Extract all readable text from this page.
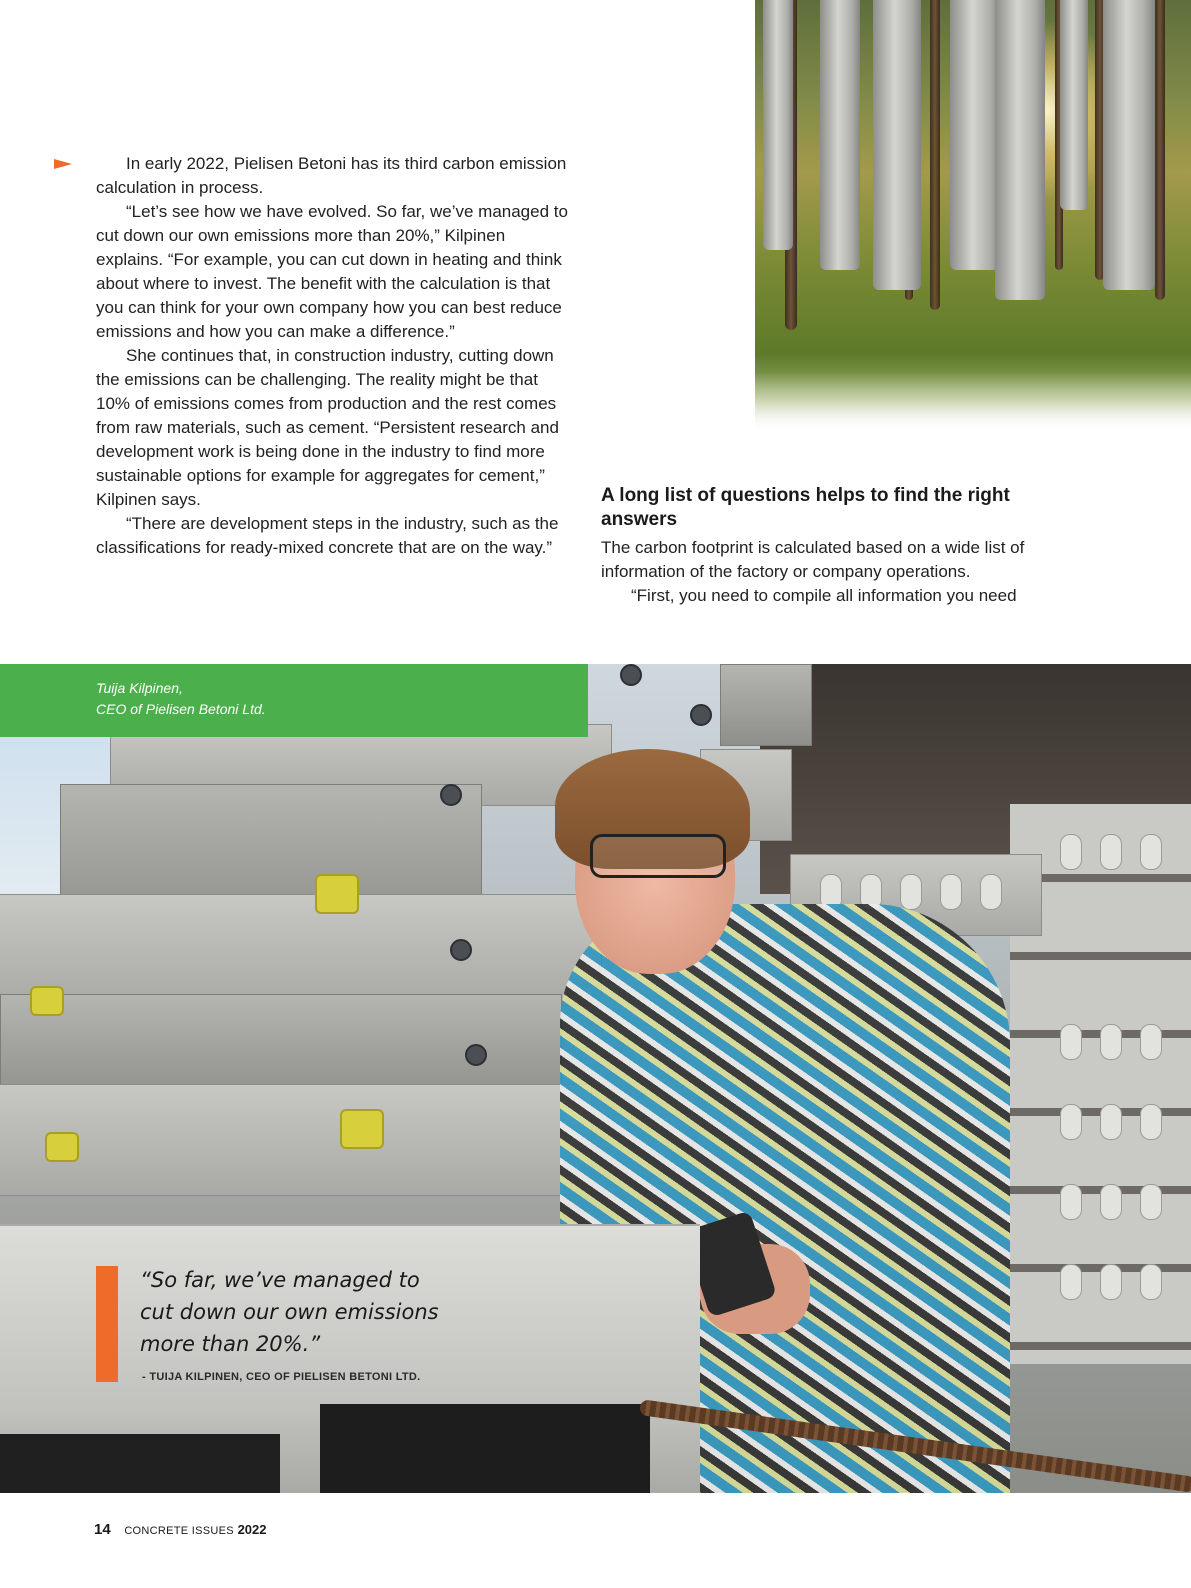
In early 2022, Pielisen Betoni has its third carbon emission calculation in process.

“Let’s see how we have evolved. So far, we’ve managed to cut down our own emissions more than 20%,” Kilpinen explains. “For example, you can cut down in heating and think about where to invest. The benefit with the calculation is that you can think for your own company how you can best reduce emissions and how you can make a difference.”

She continues that, in construction industry, cutting down the emissions can be challenging. The reality might be that 10% of emissions comes from production and the rest comes from raw materials, such as cement. “Persistent research and development work is being done in the industry to find more sustainable options for example for aggregates for cement,” Kilpinen says.

“There are development steps in the industry, such as the classifications for ready-mixed concrete that are on the way.”

A long list of questions helps to find the right answers

The carbon footprint is calculated based on a wide list of information of the factory or company operations.

“First, you need to compile all information you need

Tuija Kilpinen,
CEO of Pielisen Betoni Ltd.
“So far, we’ve managed to
cut down our own emissions
more than 20%.”
- TUIJA KILPINEN, CEO OF PIELISEN BETONI LTD.
14 CONCRETE ISSUES 2022
